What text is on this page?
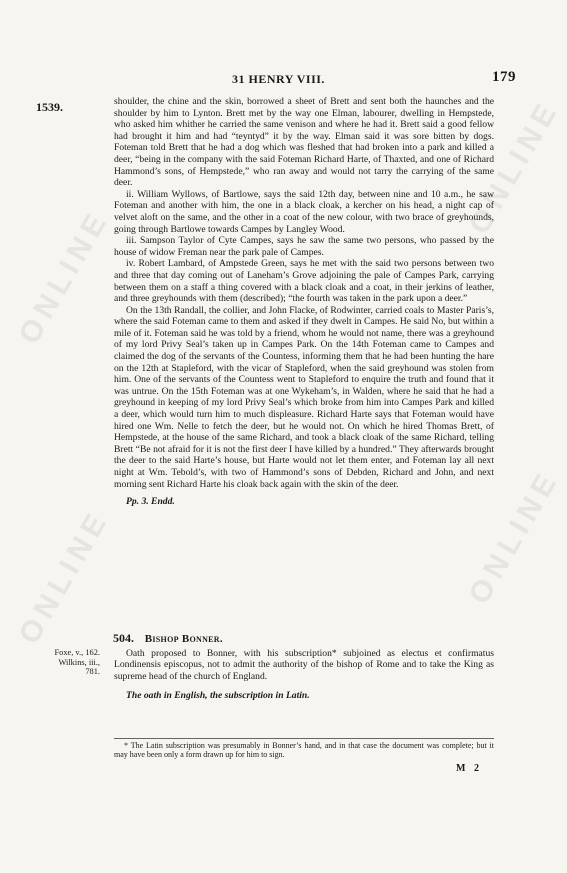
ONLINE
ONLINE
ONLINE
ONLINE
31 HENRY VIII.	179
1539.	shoulder, the chine and the skin, borrowed a sheet of Brett and sent both the haunches and the shoulder by him to Lynton. Brett met by the way one Elman, labourer, dwelling in Hempstede, who asked him whither he carried the same venison and where he had it. Brett said a good fellow had brought it him and had “teyntyd” it by the way. Elman said it was sore bitten by dogs. Foteman told Brett that he had a dog which was fleshed that had broken into a park and killed a deer, “being in the company with the said Foteman Richard Harte, of Thaxted, and one of Richard Hammond’s sons, of Hempstede,” who ran away and would not tarry the carrying of the same deer.

ii. William Wyllows, of Bartlowe, says the said 12th day, between nine and 10 a.m., he saw Foteman and another with him, the one in a black cloak, a kercher on his head, a night cap of velvet aloft on the same, and the other in a coat of the new colour, with two brace of greyhounds, going through Bartlowe towards Campes by Langley Wood.

iii. Sampson Taylor of Cyte Campes, says he saw the same two persons, who passed by the house of widow Freman near the park pale of Campes.

iv. Robert Lambard, of Ampstede Green, says he met with the said two persons between two and three that day coming out of Laneham’s Grove adjoining the pale of Campes Park, carrying between them on a staff a thing covered with a black cloak and a coat, in their jerkins of leather, and three greyhounds with them (described); “the fourth was taken in the park upon a deer.”

On the 13th Randall, the collier, and John Flacke, of Rodwinter, carried coals to Master Paris’s, where the said Foteman came to them and asked if they dwelt in Campes. He said No, but within a mile of it. Foteman said he was told by a friend, whom he would not name, there was a greyhound of my lord Privy Seal’s taken up in Campes Park. On the 14th Foteman came to Campes and claimed the dog of the servants of the Countess, informing them that he had been hunting the hare on the 12th at Stapleford, with the vicar of Stapleford, when the said greyhound was stolen from him. One of the servants of the Countess went to Stapleford to enquire the truth and found that it was untrue. On the 15th Foteman was at one Wykeham’s, in Walden, where he said that he had a greyhound in keeping of my lord Privy Seal’s which broke from him into Campes Park and killed a deer, which would turn him to much displeasure. Richard Harte says that Foteman would have hired one Wm. Nelle to fetch the deer, but he would not. On which he hired Thomas Brett, of Hempstede, at the house of the same Richard, and took a black cloak of the same Richard, telling Brett “Be not afraid for it is not the first deer I have killed by a hundred.” They afterwards brought the deer to the said Harte’s house, but Harte would not let them enter, and Foteman lay all next night at Wm. Tebold’s, with two of Hammond’s sons of Debden, Richard and John, and next morning sent Richard Harte his cloak back again with the skin of the deer.

Pp. 3. Endd.

504. Bishop Bonner.
Foxe, v., 162.
Wilkins, iii.,
781.

Oath proposed to Bonner, with his subscription* subjoined as electus et confirmatus Londinensis episcopus, not to admit the authority of the bishop of Rome and to take the King as supreme head of the church of England.

The oath in English, the subscription in Latin.

* The Latin subscription was presumably in Bonner’s hand, and in that case the document was complete; but it may have been only a form drawn up for him to sign.

M 2
